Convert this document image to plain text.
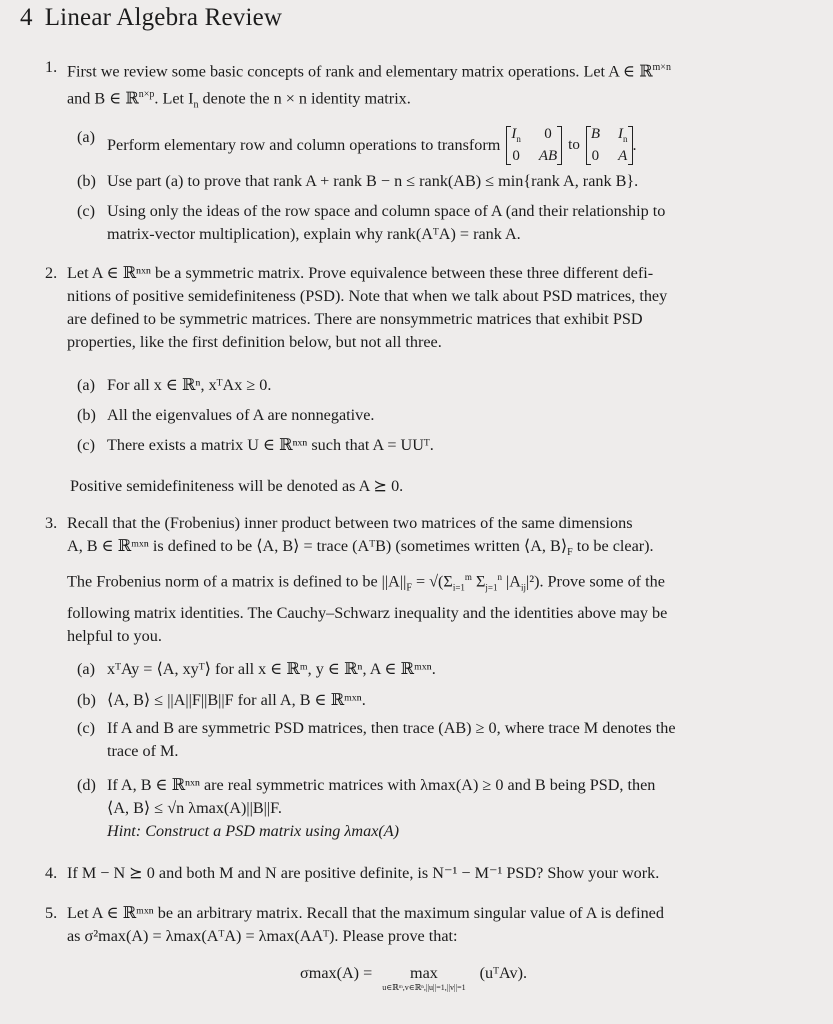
4 Linear Algebra Review
1. First we review some basic concepts of rank and elementary matrix operations. Let A ∈ ℝ$^{m\times n}$
and B ∈ ℝ$^{n\times p}$. Let $I_n$ denote the n × n identity matrix.
(a) Perform elementary row and column operations to transform
$I_n$	0
0 AB
to
B $I_n$
0 A
.
(b) Use part (a) to prove that rank A + rank B − n ≤ rank(AB) ≤ min{rank A, rank B}.
(c) Using only the ideas of the row space and column space of A (and their relationship to
matrix-vector multiplication), explain why rank(AᵀA) = rank A.
2. Let A ∈ ℝⁿˣⁿ be a symmetric matrix. Prove equivalence between these three different defi-
nitions of positive semidefiniteness (PSD). Note that when we talk about PSD matrices, they
are defined to be symmetric matrices. There are nonsymmetric matrices that exhibit PSD
properties, like the first definition below, but not all three.
(a) For all x ∈ ℝⁿ, xᵀAx ≥ 0.
(b) All the eigenvalues of A are nonnegative.
(c) There exists a matrix U ∈ ℝⁿˣⁿ such that A = UUᵀ.
Positive semidefiniteness will be denoted as A ⪰ 0.
3. Recall that the (Frobenius) inner product between two matrices of the same dimensions
A, B ∈ ℝᵐˣⁿ is defined to be ⟨A, B⟩ = trace (AᵀB) (sometimes written ⟨A, $B⟩_F$ to be clear).
The Frobenius norm of a matrix is defined to be $||A||_F = √(\Sigma_{i=1}^m$ $\Sigma_{j=1}^n$ $|A_{ij}|^2$). Prove some of the
following matrix identities. The Cauchy–Schwarz inequality and the identities above may be
helpful to you.
(a) xᵀAy = ⟨A, xyᵀ⟩ for all x ∈ ℝᵐ, y ∈ ℝⁿ, A ∈ ℝᵐˣⁿ.
(b) ⟨A, B⟩ ≤ ||A||F||B||F for all A, B ∈ ℝᵐˣⁿ.
(c) If A and B are symmetric PSD matrices, then trace (AB) ≥ 0, where trace M denotes the
trace of M.
(d) If A, B ∈ ℝⁿˣⁿ are real symmetric matrices with λmax(A) ≥ 0 and B being PSD, then
⟨A, B⟩ ≤ √n λmax(A)||B||F.
Hint: Construct a PSD matrix using λmax(A)
4. If M − N ⪰ 0 and both M and N are positive definite, is N⁻¹ − M⁻¹ PSD? Show your work.
5. Let A ∈ ℝᵐˣⁿ be an arbitrary matrix. Recall that the maximum singular value of A is defined
as σ²max(A) = λmax(AᵀA) = λmax(AAᵀ). Please prove that:
σmax(A) = max
u∈ℝᵐ,v∈ℝⁿ,||u||=1,||v||=1
(uᵀAv).
